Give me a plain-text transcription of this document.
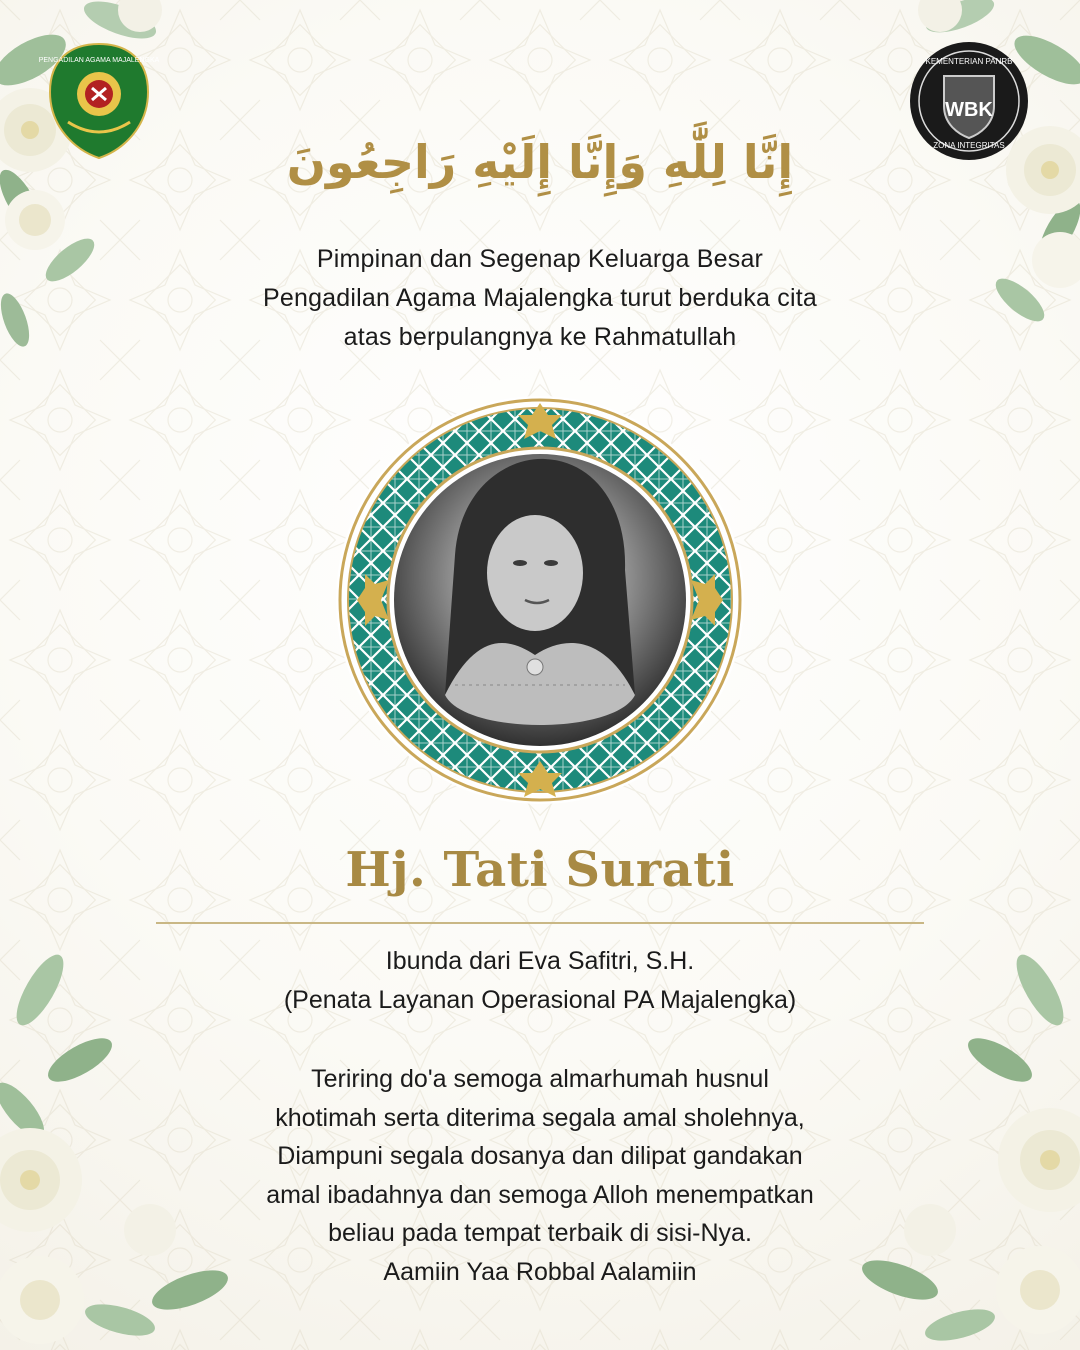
PENGADILAN AGAMA MAJALENGKA
WBK
KEMENTERIAN PANRB
ZONA INTEGRITAS
إِنَّا لِلَّٰهِ وَإِنَّا إِلَيْهِ رَاجِعُونَ
Pimpinan dan Segenap Keluarga Besar
Pengadilan Agama Majalengka turut berduka cita
atas berpulangnya ke Rahmatullah
Hj. Tati Surati
Ibunda dari Eva Safitri, S.H.
(Penata Layanan Operasional PA Majalengka)
Teriring do'a semoga almarhumah husnul
khotimah serta diterima segala amal sholehnya,
Diampuni segala dosanya dan dilipat gandakan
amal ibadahnya dan semoga Alloh menempatkan
beliau pada tempat terbaik di sisi-Nya.
Aamiin Yaa Robbal Aalamiin
